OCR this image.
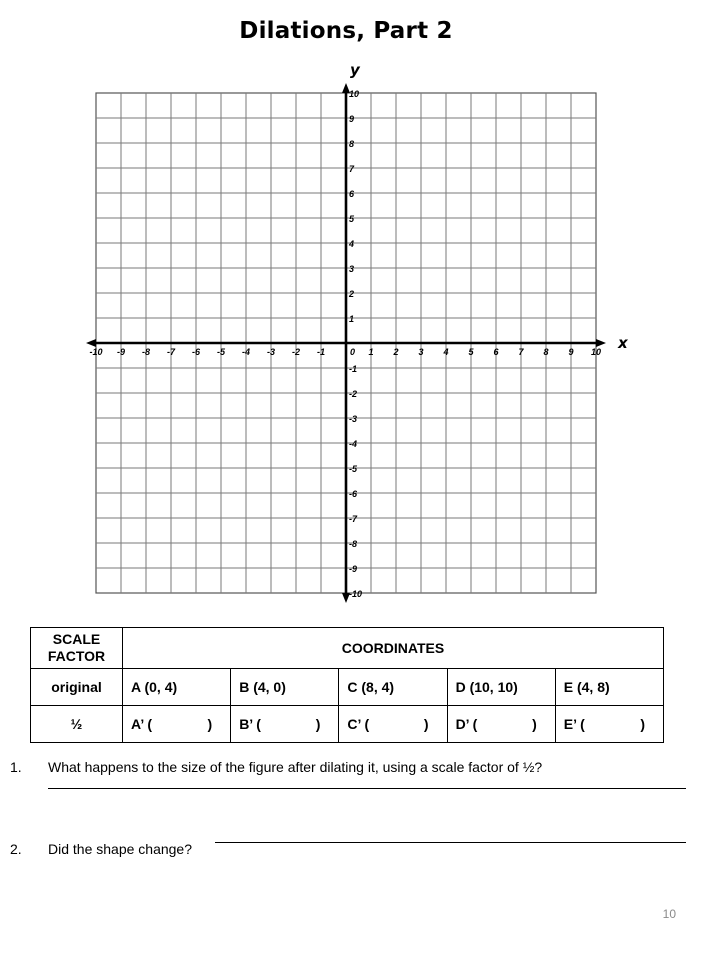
Dilations, Part 2
x
y
-10 -9 -8 -7 -6 -5 -4 -3 -2 -1	0 1 2 3 4 5 6 7 8 9 10
10
9
8
7
6
5
4
3
2
1
-1
-2
-3
-4
-5
-6
-7
-8
-9
-10
SCALE FACTOR	COORDINATES				
original	A (0, 4)	B (4, 0)	C (8, 4)	D (10, 10)	E (4, 8)
½	A’ ( )	B’ ( )	C’ ( )	D’ ( )	E’ ( )
1. What happens to the size of the figure after dilating it, using a scale factor of ½?
2. Did the shape change?
10
